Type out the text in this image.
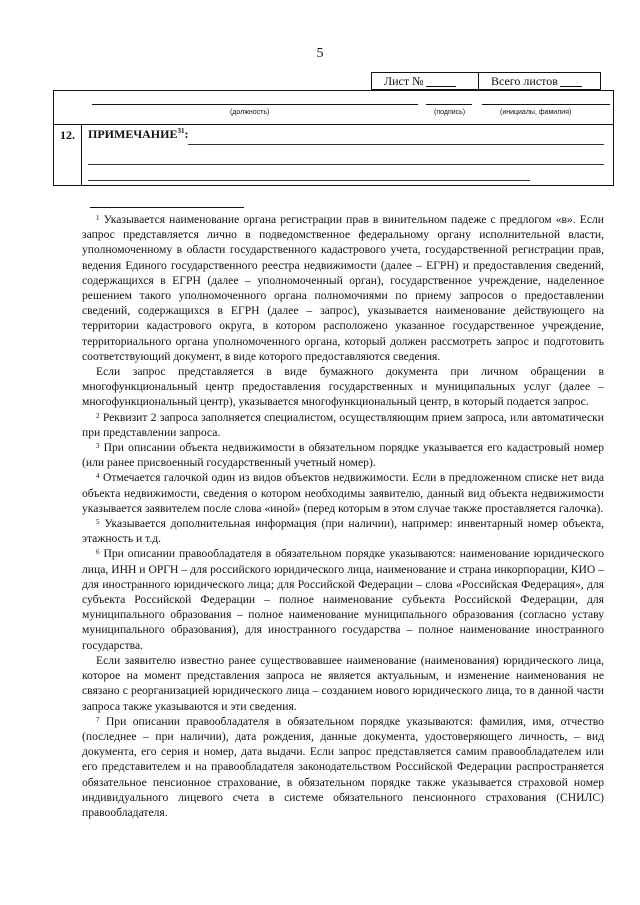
5
Лист №	Всего листов
(должность)	(подпись)	(инициалы, фамилия)
12.	ПРИМЕЧАНИЕ$^{31}$:

$^1$ Указывается наименование органа регистрации прав в винительном падеже с предлогом «в». Если запрос представляется лично в подведомственное федеральному органу исполнительной власти, уполномоченному в области государственного кадастрового учета, государственной регистрации прав, ведения Единого государственного реестра недвижимости (далее – ЕГРН) и предоставления сведений, содержащихся в ЕГРН (далее – уполномоченный орган), государственное учреждение, наделенное решением такого уполномоченного органа полномочиями по приему запросов о предоставлении сведений, содержащихся в ЕГРН (далее – запрос), указывается наименование действующего на территории кадастрового округа, в котором расположено указанное государственное учреждение, территориального органа уполномоченного органа, который должен рассмотреть запрос и подготовить соответствующий документ, в виде которого предоставляются сведения.

Если запрос представляется в виде бумажного документа при личном обращении в многофункциональный центр предоставления государственных и муниципальных услуг (далее – многофункциональный центр), указывается многофункциональный центр, в который подается запрос.

$^2$ Реквизит 2 запроса заполняется специалистом, осуществляющим прием запроса, или автоматически при представлении запроса.

$^3$ При описании объекта недвижимости в обязательном порядке указывается его кадастровый номер (или ранее присвоенный государственный учетный номер).

$^4$ Отмечается галочкой один из видов объектов недвижимости. Если в предложенном списке нет вида объекта недвижимости, сведения о котором необходимы заявителю, данный вид объекта недвижимости указывается заявителем после слова «иной» (перед которым в этом случае также проставляется галочка).

$^5$ Указывается дополнительная информация (при наличии), например: инвентарный номер объекта, этажность и т.д.

$^6$ При описании правообладателя в обязательном порядке указываются: наименование юридического лица, ИНН и ОРГН – для российского юридического лица, наименование и страна инкорпорации, КИО – для иностранного юридического лица; для Российской Федерации – слова «Российская Федерация», для субъекта Российской Федерации – полное наименование субъекта Российской Федерации, для муниципального образования – полное наименование муниципального образования (согласно уставу муниципального образования), для иностранного государства – полное наименование иностранного государства.

Если заявителю известно ранее существовавшее наименование (наименования) юридического лица, которое на момент представления запроса не является актуальным, и изменение наименования не связано с реорганизацией юридического лица – созданием нового юридического лица, то в данной части запроса также указываются и эти сведения.

$^7$ При описании правообладателя в обязательном порядке указываются: фамилия, имя, отчество (последнее – при наличии), дата рождения, данные документа, удостоверяющего личность, – вид документа, его серия и номер, дата выдачи. Если запрос представляется самим правообладателем или его представителем и на правообладателя законодательством Российской Федерации распространяется обязательное пенсионное страхование, в обязательном порядке также указывается страховой номер индивидуального лицевого счета в системе обязательного пенсионного страхования (СНИЛС) правообладателя.
